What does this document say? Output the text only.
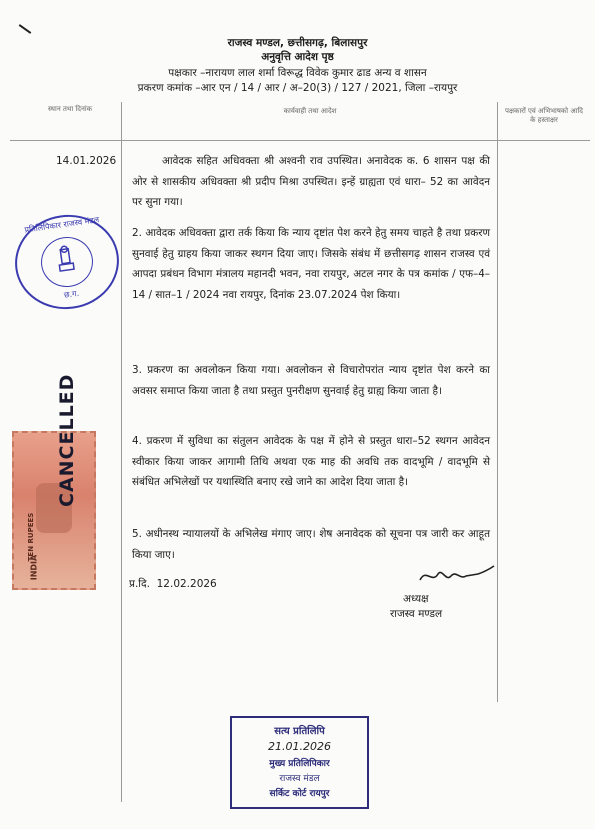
राजस्व मण्डल, छत्तीसगढ़, बिलासपुर
अनुवृत्ति आदेश पृष्ठ
पक्षकार –नारायण लाल शर्मा विरूद्ध विवेक कुमार ढाड अन्य व शासन
प्रकरण कमांक –आर एन / 14 / आर / अ–20(3) / 127 / 2021, जिला –रायपुर
स्थान तथा दिनांक	कार्यवाही तथा आदेश	पक्षकारों एवं अभिभाषको आदि के हस्ताक्षर
14.01.2026	आवेदक सहित अधिवक्ता श्री अश्वनी राव उपस्थित। अनावेदक क. 6 शासन पक्ष की ओर से शासकीय अधिवक्ता श्री प्रदीप मिश्रा उपस्थित। इन्हें ग्राह्यता एवं धारा– 52 का आवेदन पर सुना गया।
2. आवेदक अधिवक्ता द्वारा तर्क किया कि न्याय दृष्टांत पेश करने हेतु समय चाहते है तथा प्रकरण सुनवाई हेतु ग्राहय किया जाकर स्थगन दिया जाए। जिसके संबंध में छत्तीसगढ़ शासन राजस्व एवं आपदा प्रबंधन विभाग मंत्रालय महानदी भवन, नवा रायपुर, अटल नगर के पत्र कमांक / एफ–4–14 / सात–1 / 2024 नवा रायपुर, दिनांक 23.07.2024 पेश किया।
3. प्रकरण का अवलोकन किया गया। अवलोकन से विचारोपरांत न्याय दृष्टांत पेश करने का अवसर समाप्त किया जाता है तथा प्रस्तुत पुनरीक्षण सुनवाई हेतु ग्राह्य किया जाता है।
4. प्रकरण में सुविधा का संतुलन आवेदक के पक्ष में होने से प्रस्तुत धारा–52 स्थगन आवेदन स्वीकार किया जाकर आगामी तिथि अथवा एक माह की अवधि तक वादभूमि / वादभूमि से संबंधित अभिलेखों पर यथास्थिति बनाए रखे जाने का आदेश दिया जाता है।
5. अधीनस्थ न्यायालयों के अभिलेख मंगाए जाए। शेष अनावेदक को सूचना पत्र जारी कर आहूत किया जाए।
प्र.दि.  12.02.2026
अध्यक्ष
राजस्व मण्डल
प्रतिलिपिकार राजस्व मंडल
छ.ग.
TEN RUPEES
INDIA
CANCELLED
सत्य प्रतिलिपि
21.01.2026
मुख्य प्रतिलिपिकार
राजस्व मंडल
सर्किट कोर्ट रायपुर
